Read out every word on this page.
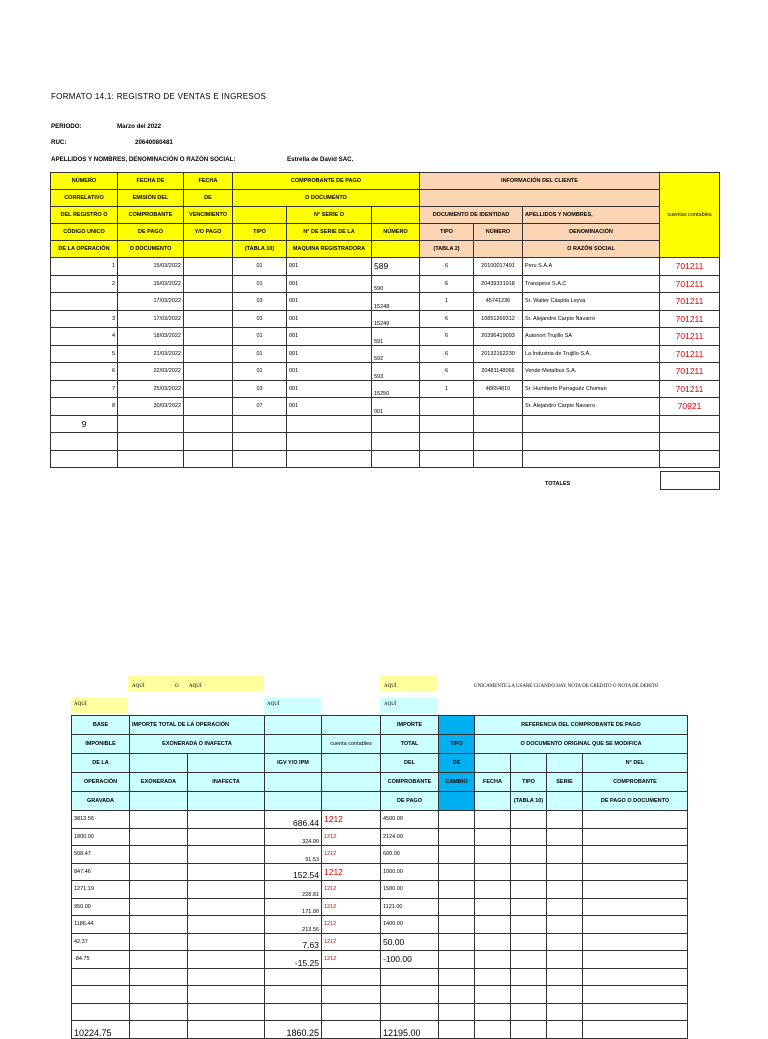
FORMATO 14.1: REGISTRO DE VENTAS E INGRESOS
PERIODO:	Marzo del 2022
RUC:	20640080481
APELLIDOS Y NOMBRES, DENOMINACIÓN O RAZÓN SOCIAL:	Estrella de David SAC.
NÚMERO	FECHA DE	FECHA	COMPROBANTE DE PAGO			INFORMACIÓN DEL CLIENTE			cuentas contables
CORRELATIVO	EMISIÓN DEL	DE	O DOCUMENTO						
DEL REGISTRO O	COMPROBANTE	VENCIMIENTO		N° SERIE O		DOCUMENTO DE IDENTIDAD		APELLIDOS Y NOMBRES,	
CÓDIGO UNICO	DE PAGO	Y/O PAGO	TIPO	N° DE SERIE DE LA	NÚMERO	TIPO	NÚMERO	DENOMINACIÓN	
DE LA OPERACIÓN	O DOCUMENTO		(TABLA 10)	MAQUINA REGISTRADORA		(TABLA 2)		O RAZÓN SOCIAL	
1	15/03/2022		01	001	589	6	20100017491	Peru S.A.A	701211
2	16/03/2022		01	001	590	6	20439331918	Transpess S.A.C	701211
	17/03/2022		03	001	15248	1	45741236	Sr. Walter Cáspita Leyva	701211
3	17/03/2022		03	001	15249	6	10851269312	Sr. Alejandro Carpio Navarro	701211
4	18/03/2022		01	001	591	6	20396419093	Autonort Trujillo SA	701211
5	21/03/2022		01	001	592	6	20132162230	La Industria de Trujillo S.A.	701211
6	22/03/2022		01	001	593	6	20481148066	Vende Metalbus S.A.	701211
7	25/03/2022		03	001	15250	1	48654810	Sr. Humberto Parraguéz Chuman	701211
8	30/03/2022		07	001	001			Sr. Alejandro Carpio Navarro	70921
9									

TOTALES
AQUÍ	O AQUÍ	AQUÍ	UNICAMENTE LA USARE CUANDO HAY NOTA DE CREDITO O NOTA DE DEBITO
AQUÍ	AQUÍ	AQUÍ
BASE	IMPORTE TOTAL DE LA OPERACIÓN				IMPORTE		REFERENCIA DEL COMPROBANTE DE PAGO			
IMPONIBLE	EXONERADA O INAFECTA			cuenta contables	TOTAL	TIPO	O DOCUMENTO ORIGINAL QUE SE MODIFICA			
DE LA			IGV Y/O IPM		DEL	DE				N° DEL
OPERACIÓN	EXONERADA	INAFECTA			COMPROBANTE	CAMBIO	FECHA	TIPO	SERIE	COMPROBANTE
GRAVADA					DE PAGO			(TABLA 10)		DE PAGO O DOCUMENTO
3813.56			686.44	1212	4500.00					
1800.00			324.00	1212	2124.00					
508.47			91.53	1212	600.00					
847.46			152.54	1212	1000.00					
1271.19			228.81	1212	1500.00					
950.00			171.00	1212	1121.00					
1186.44			213.56	1212	1400.00					
42.37			7.63	1212	50.00					
-84.75			-15.25	1212	-100.00					

10224.75			1860.25		12195.00					
